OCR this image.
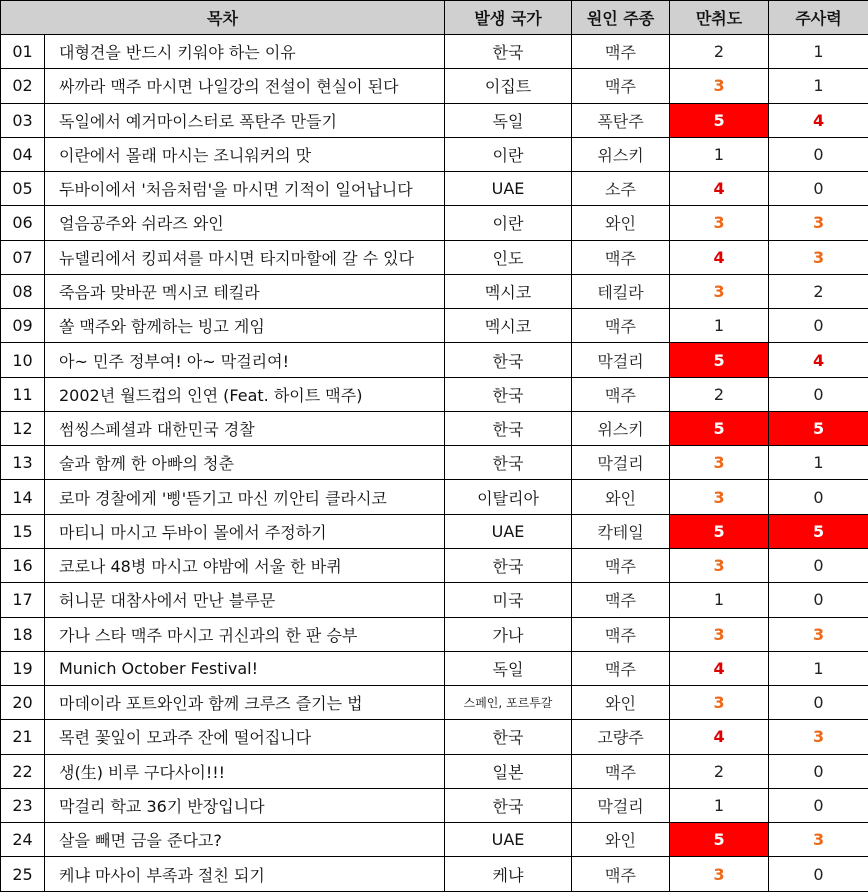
목차		발생 국가	원인 주종	만취도	주사력
01	대형견을 반드시 키워야 하는 이유	한국	맥주	2	1
02	싸까라 맥주 마시면 나일강의 전설이 현실이 된다	이집트	맥주	3	1
03	독일에서 예거마이스터로 폭탄주 만들기	독일	폭탄주	5	4
04	이란에서 몰래 마시는 조니워커의 맛	이란	위스키	1	0
05	두바이에서 '처음처럼'을 마시면 기적이 일어납니다	UAE	소주	4	0
06	얼음공주와 쉬라즈 와인	이란	와인	3	3
07	뉴델리에서 킹피셔를 마시면 타지마할에 갈 수 있다	인도	맥주	4	3
08	죽음과 맞바꾼 멕시코 테킬라	멕시코	테킬라	3	2
09	쏠 맥주와 함께하는 빙고 게임	멕시코	맥주	1	0
10	아~ 민주 정부여! 아~ 막걸리여!	한국	막걸리	5	4
11	2002년 월드컵의 인연 (Feat. 하이트 맥주)	한국	맥주	2	0
12	썸씽스페셜과 대한민국 경찰	한국	위스키	5	5
13	술과 함께 한 아빠의 청춘	한국	막걸리	3	1
14	로마 경찰에게 '삥'뜯기고 마신 끼안티 클라시코	이탈리아	와인	3	0
15	마티니 마시고 두바이 몰에서 주정하기	UAE	칵테일	5	5
16	코로나 48병 마시고 야밤에 서울 한 바퀴	한국	맥주	3	0
17	허니문 대참사에서 만난 블루문	미국	맥주	1	0
18	가나 스타 맥주 마시고 귀신과의 한 판 승부	가나	맥주	3	3
19	Munich October Festival!	독일	맥주	4	1
20	마데이라 포트와인과 함께 크루즈 즐기는 법	스페인, 포르투갈	와인	3	0
21	목련 꽃잎이 모과주 잔에 떨어집니다	한국	고량주	4	3
22	생(生) 비루 구다사이!!!	일본	맥주	2	0
23	막걸리 학교 36기 반장입니다	한국	막걸리	1	0
24	살을 빼면 금을 준다고?	UAE	와인	5	3
25	케냐 마사이 부족과 절친 되기	케냐	맥주	3	0
